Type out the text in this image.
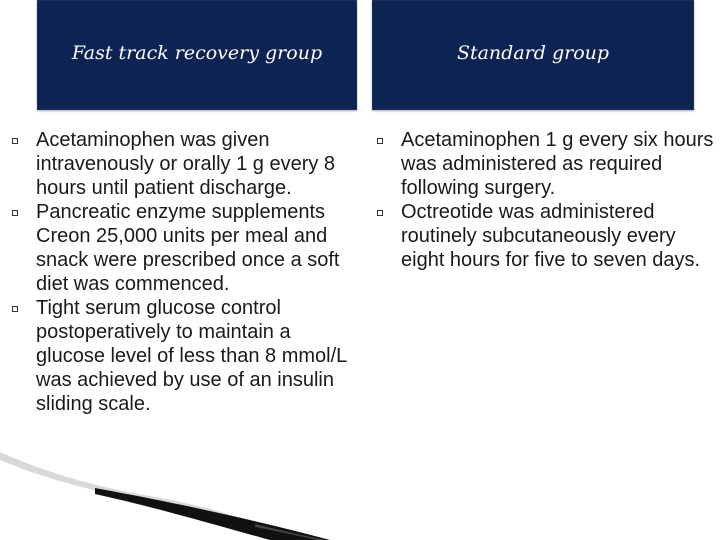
Fast track recovery group	Standard group
Acetaminophen was given intravenously or orally 1 g every 8 hours until patient discharge.
Pancreatic enzyme supplements Creon 25,000 units per meal and snack were prescribed once a soft diet was commenced.
Tight serum glucose control postoperatively to maintain a glucose level of less than 8 mmol/L was achieved by use of an insulin       sliding scale.
Acetaminophen 1 g every six hours was administered as required following surgery.
Octreotide was administered routinely subcutaneously every eight hours for five to seven days.
